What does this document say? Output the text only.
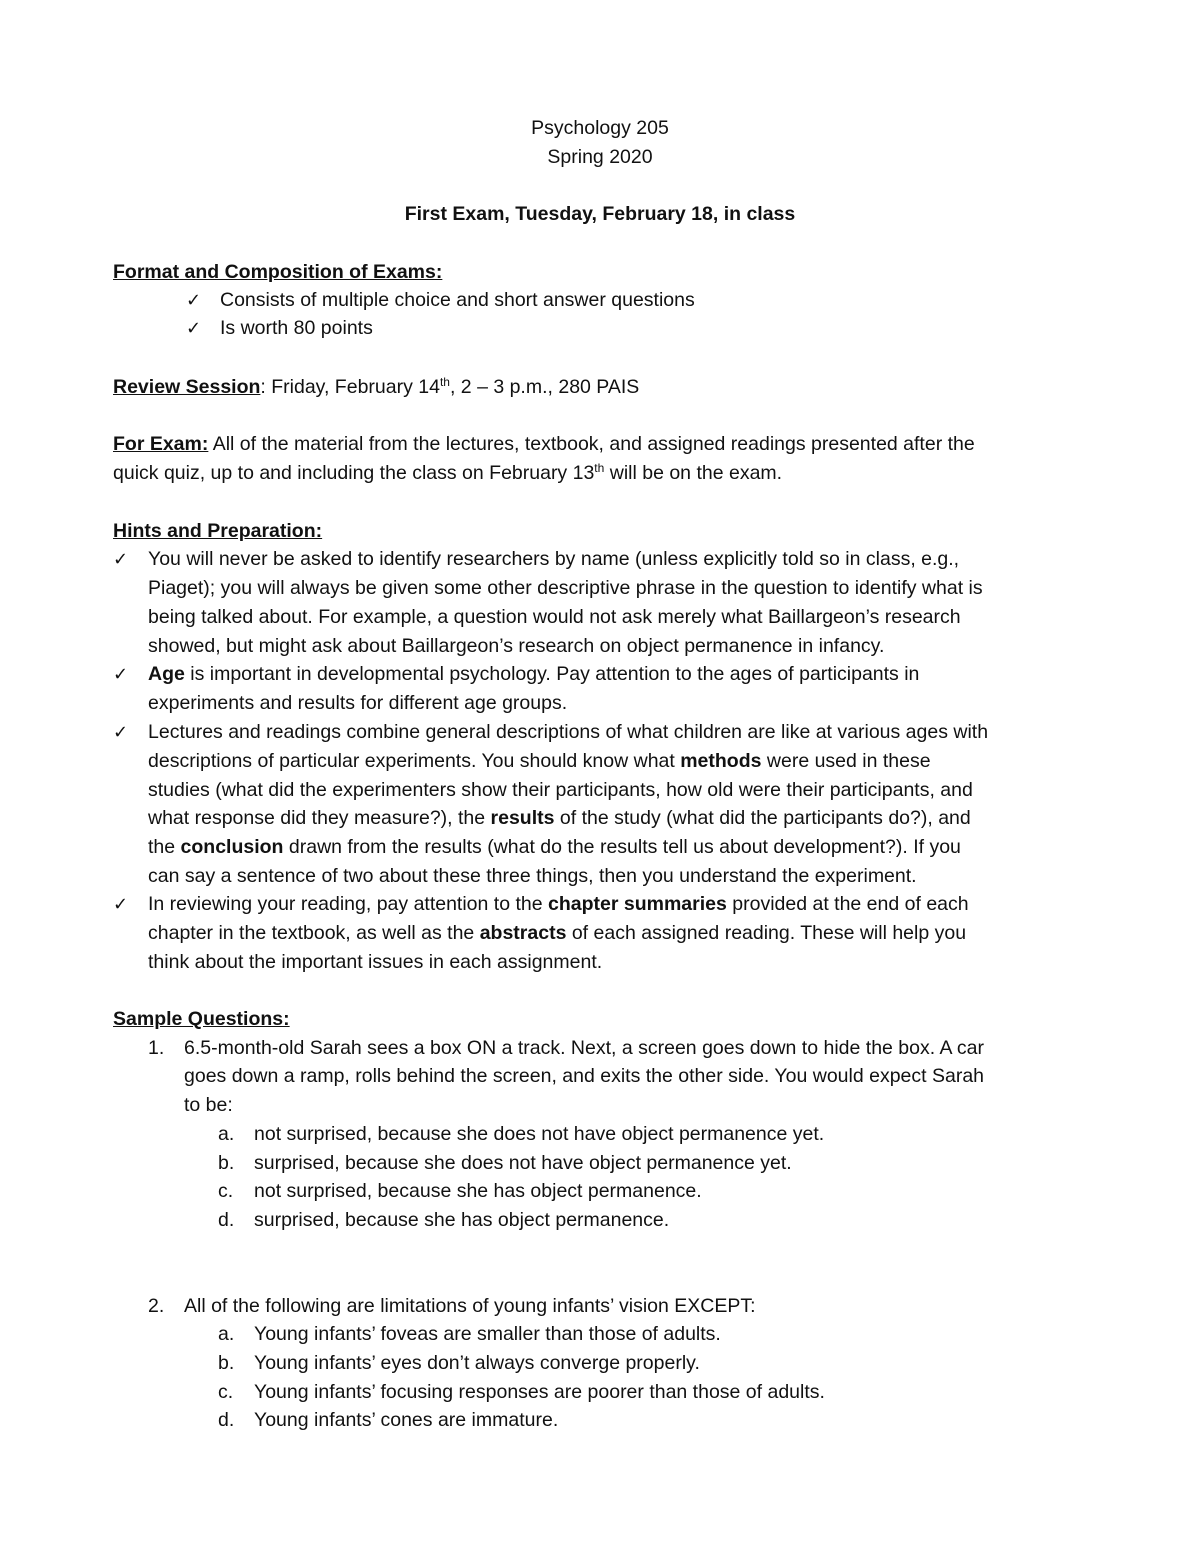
Psychology 205
Spring 2020
First Exam, Tuesday, February 18, in class
Format and Composition of Exams:
✓ Consists of multiple choice and short answer questions
✓ Is worth 80 points
Review Session: Friday, February 14th, 2 – 3 p.m., 280 PAIS
For Exam: All of the material from the lectures, textbook, and assigned readings presented after the
quick quiz, up to and including the class on February 13th will be on the exam.
Hints and Preparation:
✓ You will never be asked to identify researchers by name (unless explicitly told so in class, e.g.,
Piaget); you will always be given some other descriptive phrase in the question to identify what is
being talked about. For example, a question would not ask merely what Baillargeon’s research
showed, but might ask about Baillargeon’s research on object permanence in infancy.
✓ Age is important in developmental psychology. Pay attention to the ages of participants in
experiments and results for different age groups.
✓ Lectures and readings combine general descriptions of what children are like at various ages with
descriptions of particular experiments. You should know what methods were used in these
studies (what did the experimenters show their participants, how old were their participants, and
what response did they measure?), the results of the study (what did the participants do?), and
the conclusion drawn from the results (what do the results tell us about development?). If you
can say a sentence of two about these three things, then you understand the experiment.
✓ In reviewing your reading, pay attention to the chapter summaries provided at the end of each
chapter in the textbook, as well as the abstracts of each assigned reading. These will help you
think about the important issues in each assignment.
Sample Questions:
1. 6.5-month-old Sarah sees a box ON a track. Next, a screen goes down to hide the box. A car
goes down a ramp, rolls behind the screen, and exits the other side. You would expect Sarah
to be:
a. not surprised, because she does not have object permanence yet.
b. surprised, because she does not have object permanence yet.
c. not surprised, because she has object permanence.
d. surprised, because she has object permanence.
2. All of the following are limitations of young infants’ vision EXCEPT:
a. Young infants’ foveas are smaller than those of adults.
b. Young infants’ eyes don’t always converge properly.
c. Young infants’ focusing responses are poorer than those of adults.
d. Young infants’ cones are immature.
